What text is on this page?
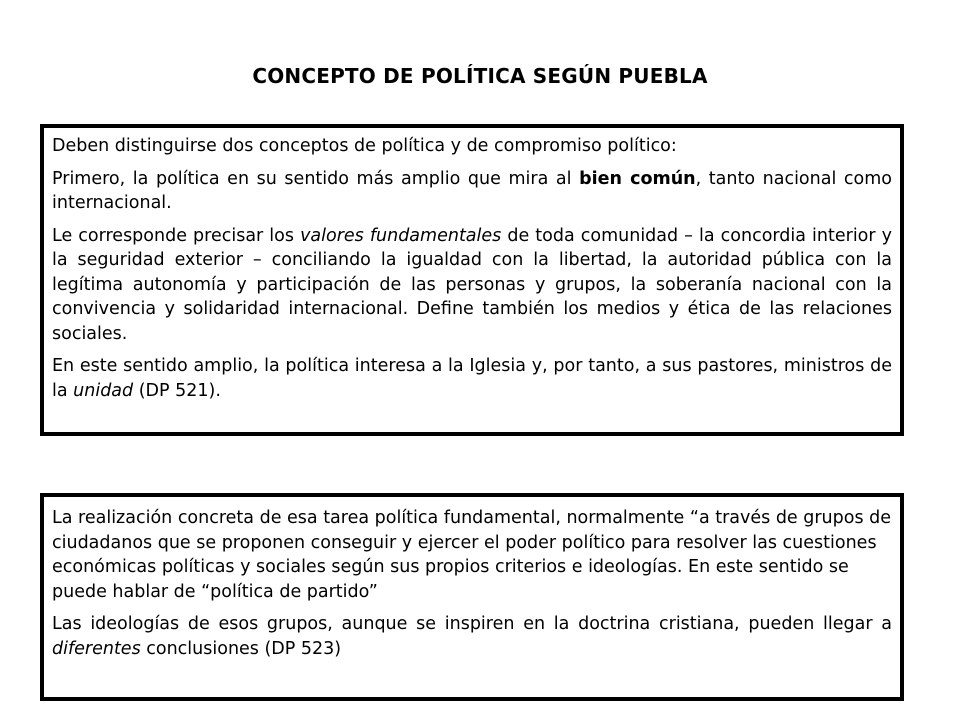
CONCEPTO DE POLÍTICA SEGÚN PUEBLA

Deben distinguirse dos conceptos de política y de compromiso político:

Primero, la política en su sentido más amplio que mira al bien común, tanto nacional como internacional.

Le corresponde precisar los valores fundamentales de toda comunidad – la concordia interior y la seguridad exterior – conciliando la igualdad con la libertad, la autoridad pública con la legítima autonomía y participación de las personas y grupos, la soberanía nacional con la convivencia y solidaridad internacional. Define también los medios y ética de las relaciones sociales.

En este sentido amplio, la política interesa a la Iglesia y, por tanto, a sus pastores, ministros de la unidad (DP 521).

La realización concreta de esa tarea política fundamental, normalmente “a través de grupos de ciudadanos que se proponen conseguir y ejercer el poder político para resolver las cuestiones económicas políticas y sociales según sus propios criterios e ideologías. En este sentido se puede hablar de “política de partido”

Las ideologías de esos grupos, aunque se inspiren en la doctrina cristiana, pueden llegar a diferentes conclusiones (DP 523)
